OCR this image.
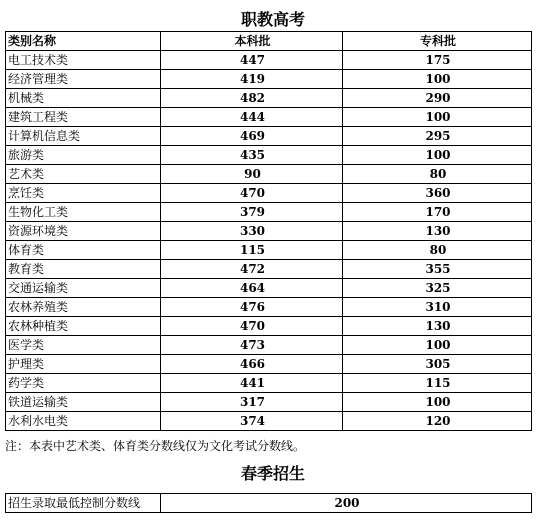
职教高考
类别名称	本科批	专科批
电工技术类	447	175
经济管理类	419	100
机械类	482	290
建筑工程类	444	100
计算机信息类	469	295
旅游类	435	100
艺术类	90	80
烹饪类	470	360
生物化工类	379	170
资源环境类	330	130
体育类	115	80
教育类	472	355
交通运输类	464	325
农林养殖类	476	310
农林种植类	470	130
医学类	473	100
护理类	466	305
药学类	441	115
铁道运输类	317	100
水利水电类	374	120
注：本表中艺术类、体育类分数线仅为文化考试分数线。
春季招生
招生录取最低控制分数线	200
